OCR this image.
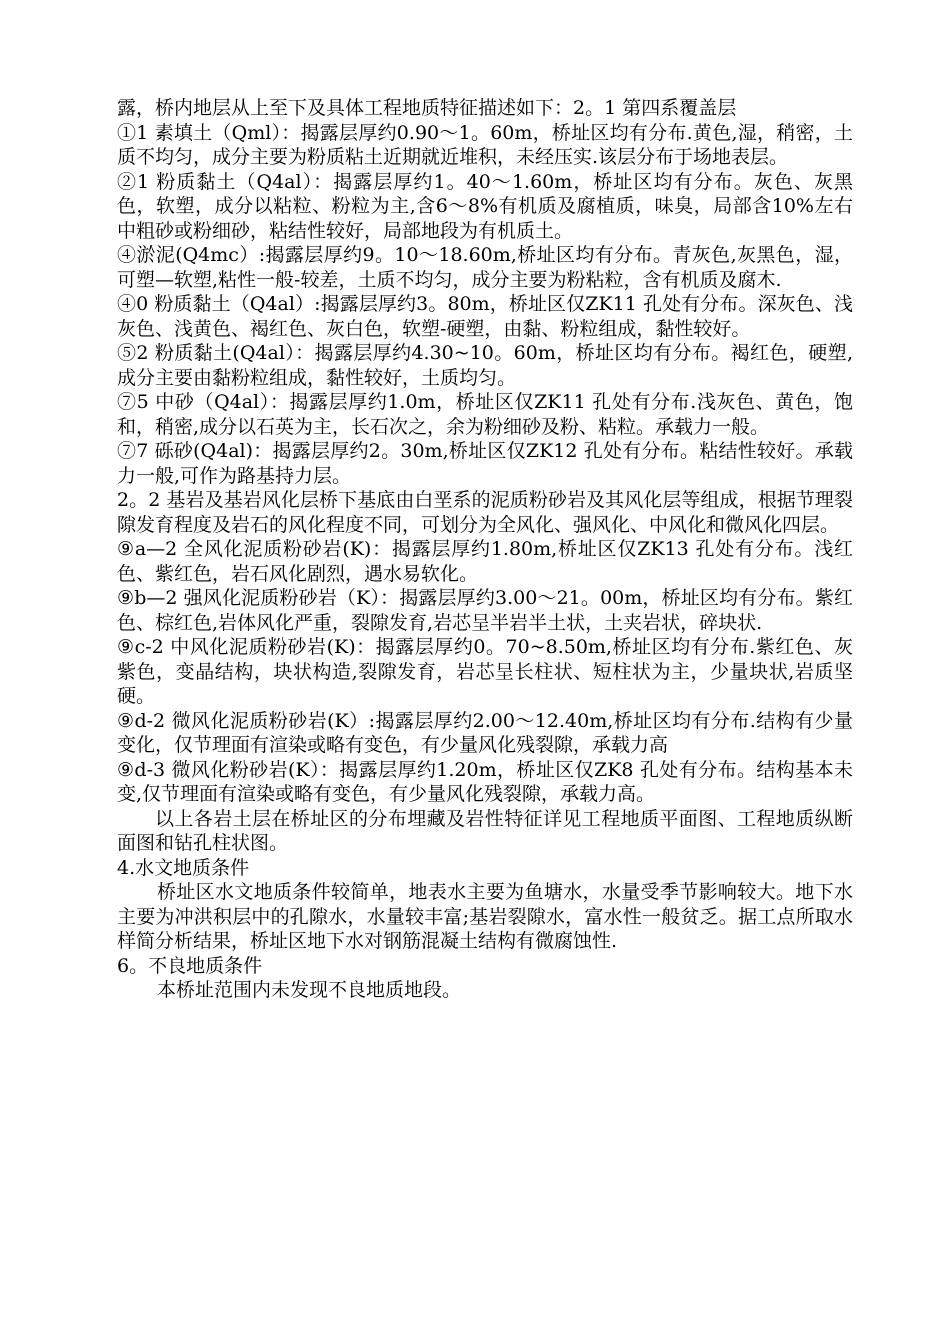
露，桥内地层从上至下及具体工程地质特征描述如下：2。1 第四系覆盖层

①1 素填土（Qml）：揭露层厚约0.90～1。60m，桥址区均有分布.黄色,湿，稍密，土质不均匀，成分主要为粉质粘土近期就近堆积，未经压实.该层分布于场地表层。

②1 粉质黏土（Q4al）：揭露层厚约1。40～1.60m，桥址区均有分布。灰色、灰黑色，软塑，成分以粘粒、粉粒为主,含6～8%有机质及腐植质，味臭，局部含10%左右中粗砂或粉细砂，粘结性较好，局部地段为有机质土。

④淤泥(Q4mc）:揭露层厚约9。10～18.60m,桥址区均有分布。青灰色,灰黑色，湿，可塑—软塑,粘性一般-较差，土质不均匀，成分主要为粉粘粒，含有机质及腐木.

④0 粉质黏土（Q4al）:揭露层厚约3。80m，桥址区仅ZK11 孔处有分布。深灰色、浅灰色、浅黄色、褐红色、灰白色，软塑-硬塑，由黏、粉粒组成，黏性较好。

⑤2 粉质黏土(Q4al）：揭露层厚约4.30~10。60m，桥址区均有分布。褐红色，硬塑,成分主要由黏粉粒组成，黏性较好，土质均匀。

⑦5 中砂（Q4al）：揭露层厚约1.0m，桥址区仅ZK11 孔处有分布.浅灰色、黄色，饱和，稍密,成分以石英为主，长石次之，余为粉细砂及粉、粘粒。承载力一般。

⑦7 砾砂(Q4al)：揭露层厚约2。30m,桥址区仅ZK12 孔处有分布。粘结性较好。承载力一般,可作为路基持力层。

2。2 基岩及基岩风化层桥下基底由白垩系的泥质粉砂岩及其风化层等组成，根据节理裂隙发育程度及岩石的风化程度不同，可划分为全风化、强风化、中风化和微风化四层。

⑨a—2 全风化泥质粉砂岩(K)：揭露层厚约1.80m,桥址区仅ZK13 孔处有分布。浅红色、紫红色，岩石风化剧烈，遇水易软化。

⑨b—2 强风化泥质粉砂岩（K）：揭露层厚约3.00～21。00m，桥址区均有分布。紫红色、棕红色,岩体风化严重，裂隙发育,岩芯呈半岩半土状，土夹岩状，碎块状.

⑨c-2 中风化泥质粉砂岩(K)：揭露层厚约0。70~8.50m,桥址区均有分布.紫红色、灰紫色，变晶结构，块状构造,裂隙发育，岩芯呈长柱状、短柱状为主，少量块状,岩质坚硬。

⑨d-2 微风化泥质粉砂岩(K）:揭露层厚约2.00～12.40m,桥址区均有分布.结构有少量变化，仅节理面有渲染或略有变色，有少量风化残裂隙，承载力高

⑨d-3 微风化粉砂岩(K）：揭露层厚约1.20m，桥址区仅ZK8 孔处有分布。结构基本未变,仅节理面有渲染或略有变色，有少量风化残裂隙，承载力高。

以上各岩土层在桥址区的分布埋藏及岩性特征详见工程地质平面图、工程地质纵断面图和钻孔柱状图。

4.水文地质条件

桥址区水文地质条件较简单，地表水主要为鱼塘水，水量受季节影响较大。地下水主要为冲洪积层中的孔隙水，水量较丰富;基岩裂隙水，富水性一般贫乏。据工点所取水样简分析结果，桥址区地下水对钢筋混凝土结构有微腐蚀性.

6。不良地质条件

本桥址范围内未发现不良地质地段。
